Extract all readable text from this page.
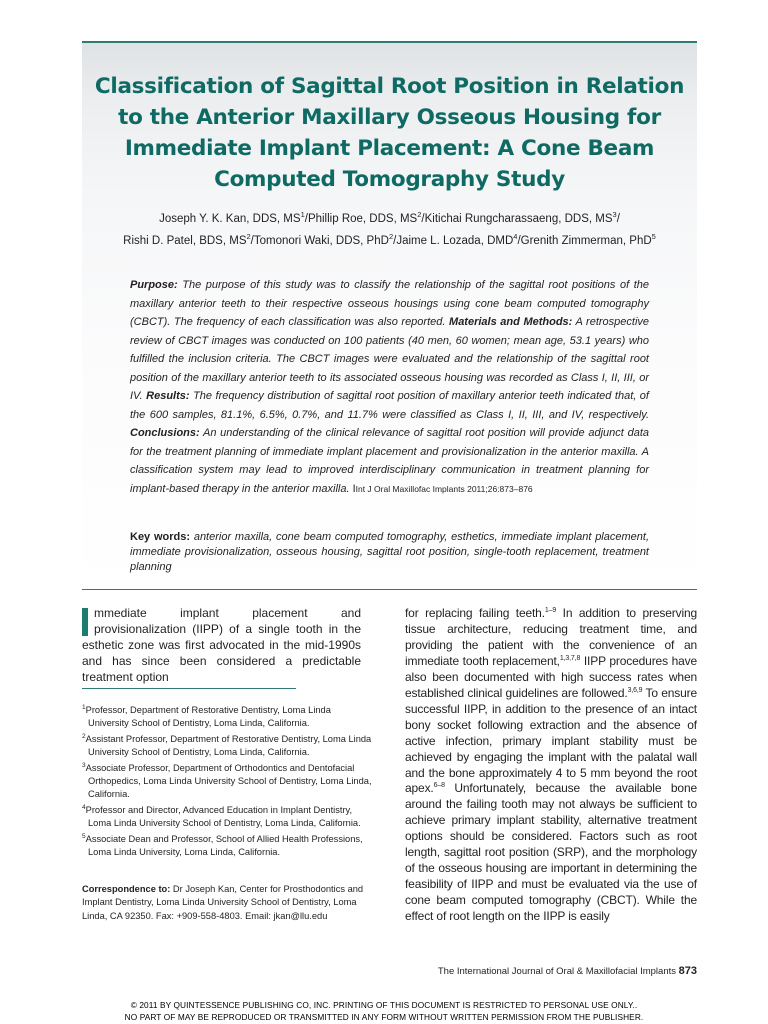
Classification of Sagittal Root Position in Relation to the Anterior Maxillary Osseous Housing for Immediate Implant Placement: A Cone Beam Computed Tomography Study

Joseph Y. K. Kan, DDS, $MS^1$/Phillip Roe, DDS, $MS^2$/Kitichai Rungcharassaeng, DDS, $MS^3/$
Rishi D. Patel, BDS, $MS^2$/Tomonori Waki, DDS, PhD$^2$/Jaime L. Lozada, DMD$^4$/Grenith Zimmerman, PhD$^5$

Purpose: The purpose of this study was to classify the relationship of the sagittal root positions of the maxillary anterior teeth to their respective osseous housings using cone beam computed tomography (CBCT). The frequency of each classification was also reported. Materials and Methods: A retrospective review of CBCT images was conducted on 100 patients (40 men, 60 women; mean age, 53.1 years) who fulfilled the inclusion criteria. The CBCT images were evaluated and the relationship of the sagittal root position of the maxillary anterior teeth to its associated osseous housing was recorded as Class I, II, III, or IV. Results: The frequency distribution of sagittal root position of maxillary anterior teeth indicated that, of the 600 samples, 81.1%, 6.5%, 0.7%, and 11.7% were classified as Class I, II, III, and IV, respectively. Conclusions: An understanding of the clinical relevance of sagittal root position will provide adjunct data for the treatment planning of immediate implant placement and provisionalization in the anterior maxilla. A classification system may lead to improved interdisciplinary communication in treatment planning for implant-based therapy in the anterior maxilla. IInt J Oral Maxillofac Implants 2011;26:873–876

Key words: anterior maxilla, cone beam computed tomography, esthetics, immediate implant placement, immediate provisionalization, osseous housing, sagittal root position, single-tooth replacement, treatment planning

mmediate implant placement and provisionalization (IIPP) of a single tooth in the esthetic zone was first advocated in the mid-1990s and has since been considered a predictable treatment option

for replacing failing teeth.$^{1-9}$ In addition to preserving tissue architecture, reducing treatment time, and providing the patient with the convenience of an immediate tooth replacement,$^{1,3,7,8}$ IIPP procedures have also been documented with high success rates when established clinical guidelines are followed.$^{3,6,9}$ To ensure successful IIPP, in addition to the presence of an intact bony socket following extraction and the absence of active infection, primary implant stability must be achieved by engaging the implant with the palatal wall and the bone approximately 4 to 5 mm beyond the root apex.$^{6-8}$ Unfortunately, because the available bone around the failing tooth may not always be sufficient to achieve primary implant stability, alternative treatment options should be considered. Factors such as root length, sagittal root position (SRP), and the morphology of the osseous housing are important in determining the feasibility of IIPP and must be evaluated via the use of cone beam computed tomography (CBCT). While the effect of root length on the IIPP is easily

$^1$Professor, Department of Restorative Dentistry, Loma Linda University School of Dentistry, Loma Linda, California.

$^2$Assistant Professor, Department of Restorative Dentistry, Loma Linda University School of Dentistry, Loma Linda, California.

$^3$Associate Professor, Department of Orthodontics and Dentofacial Orthopedics, Loma Linda University School of Dentistry, Loma Linda, California.

$^4$Professor and Director, Advanced Education in Implant Dentistry, Loma Linda University School of Dentistry, Loma Linda, California.

$^5$Associate Dean and Professor, School of Allied Health Professions, Loma Linda University, Loma Linda, California.

Correspondence to: Dr Joseph Kan, Center for Prosthodontics and Implant Dentistry, Loma Linda University School of Dentistry, Loma Linda, CA 92350. Fax: +909-558-4803. Email: jkan@llu.edu

The International Journal of Oral & Maxillofacial Implants 873

© 2011 BY QUINTESSENCE PUBLISHING CO, INC. PRINTING OF THIS DOCUMENT IS RESTRICTED TO PERSONAL USE ONLY..
NO PART OF MAY BE REPRODUCED OR TRANSMITTED IN ANY FORM WITHOUT WRITTEN PERMISSION FROM THE PUBLISHER.
